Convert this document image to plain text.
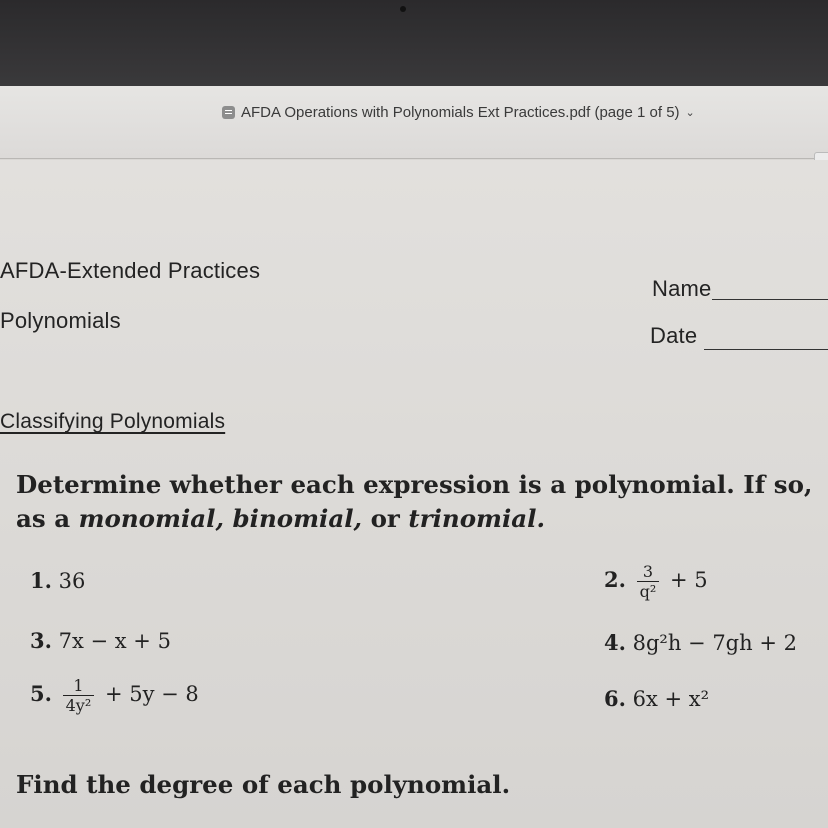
AFDA Operations with Polynomials Ext Practices.pdf (page 1 of 5) ⌄
AFDA-Extended Practices
Polynomials
Name
Date
Classifying Polynomials
Determine whether each expression is a polynomial. If so,
as a monomial, binomial, or trinomial.
1. 36	2. $\frac{3}{\text{q²}} + 5$
3. 7x − x + 5	4. 8g²h − 7gh + 2
5. $\frac{1}{\text{4y²}} + 5y - 8$	6. 6x + x²
Find the degree of each polynomial.
